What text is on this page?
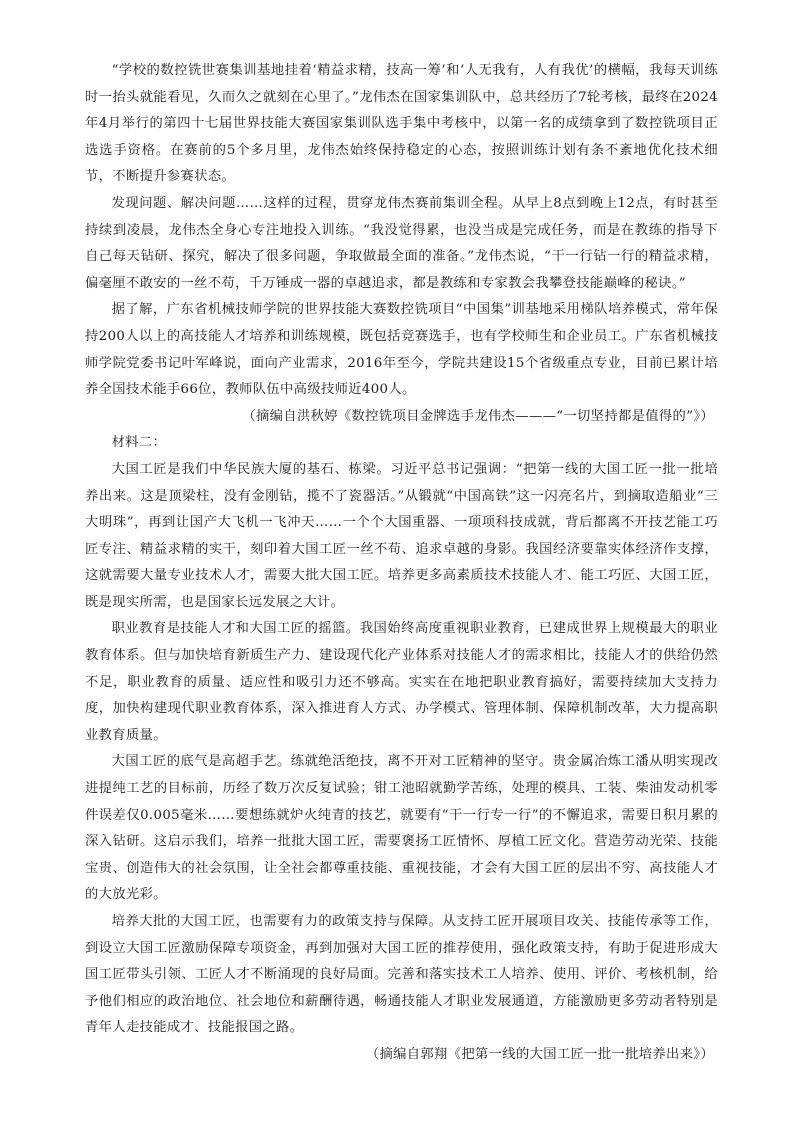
“学校的数控铣世赛集训基地挂着‘精益求精，技高一筹’和‘人无我有，人有我优’的横幅，我每天训练时一抬头就能看见，久而久之就刻在心里了。”龙伟杰在国家集训队中，总共经历了7轮考核，最终在2024年4月举行的第四十七届世界技能大赛国家集训队选手集中考核中，以第一名的成绩拿到了数控铣项目正选选手资格。在赛前的5个多月里，龙伟杰始终保持稳定的心态，按照训练计划有条不紊地优化技术细节，不断提升参赛状态。

发现问题、解决问题……这样的过程，贯穿龙伟杰赛前集训全程。从早上8点到晚上12点，有时甚至持续到凌晨，龙伟杰全身心专注地投入训练。“我没觉得累，也没当成是完成任务，而是在教练的指导下自己每天钻研、探究，解决了很多问题，争取做最全面的准备。”龙伟杰说，“干一行钻一行的精益求精，偏毫厘不敢安的一丝不苟，千万锤成一器的卓越追求，都是教练和专家教会我攀登技能巅峰的秘诀。”

据了解，广东省机械技师学院的世界技能大赛数控铣项目“中国集”训基地采用梯队培养模式，常年保持200人以上的高技能人才培养和训练规模，既包括竞赛选手，也有学校师生和企业员工。广东省机械技师学院党委书记叶军峰说，面向产业需求，2016年至今，学院共建设15个省级重点专业，目前已累计培养全国技术能手66位，教师队伍中高级技师近400人。

（摘编自洪秋婷《数控铣项目金牌选手龙伟杰———“一切坚持都是值得的”》）

材料二：

大国工匠是我们中华民族大厦的基石、栋梁。习近平总书记强调：“把第一线的大国工匠一批一批培养出来。这是顶梁柱，没有金刚钻，揽不了瓷器活。”从锻就“中国高铁”这一闪亮名片，到摘取造船业“三大明珠”，再到让国产大飞机一飞冲天……一个个大国重器、一项项科技成就，背后都离不开技艺能工巧匠专注、精益求精的实干，刻印着大国工匠一丝不苟、追求卓越的身影。我国经济要靠实体经济作支撑，这就需要大量专业技术人才，需要大批大国工匠。培养更多高素质技术技能人才、能工巧匠、大国工匠，既是现实所需，也是国家长远发展之大计。

职业教育是技能人才和大国工匠的摇篮。我国始终高度重视职业教育，已建成世界上规模最大的职业教育体系。但与加快培育新质生产力、建设现代化产业体系对技能人才的需求相比，技能人才的供给仍然不足，职业教育的质量、适应性和吸引力还不够高。实实在在地把职业教育搞好，需要持续加大支持力度，加快构建现代职业教育体系，深入推进育人方式、办学模式、管理体制、保障机制改革，大力提高职业教育质量。

大国工匠的底气是高超手艺。练就绝活绝技，离不开对工匠精神的坚守。贵金属冶炼工潘从明实现改进提纯工艺的目标前，历经了数万次反复试验；钳工池昭就勤学苦练，处理的模具、工装、柴油发动机零件误差仅0.005毫米……要想练就炉火纯青的技艺，就要有“干一行专一行”的不懈追求，需要日积月累的深入钻研。这启示我们，培养一批批大国工匠，需要褒扬工匠情怀、厚植工匠文化。营造劳动光荣、技能宝贵、创造伟大的社会氛围，让全社会都尊重技能、重视技能，才会有大国工匠的层出不穷、高技能人才的大放光彩。

培养大批的大国工匠，也需要有力的政策支持与保障。从支持工匠开展项目攻关、技能传承等工作，到设立大国工匠激励保障专项资金，再到加强对大国工匠的推荐使用，强化政策支持，有助于促进形成大国工匠带头引领、工匠人才不断涌现的良好局面。完善和落实技术工人培养、使用、评价、考核机制，给予他们相应的政治地位、社会地位和薪酬待遇，畅通技能人才职业发展通道，方能激励更多劳动者特别是青年人走技能成才、技能报国之路。

（摘编自郭翔《把第一线的大国工匠一批一批培养出来》）
